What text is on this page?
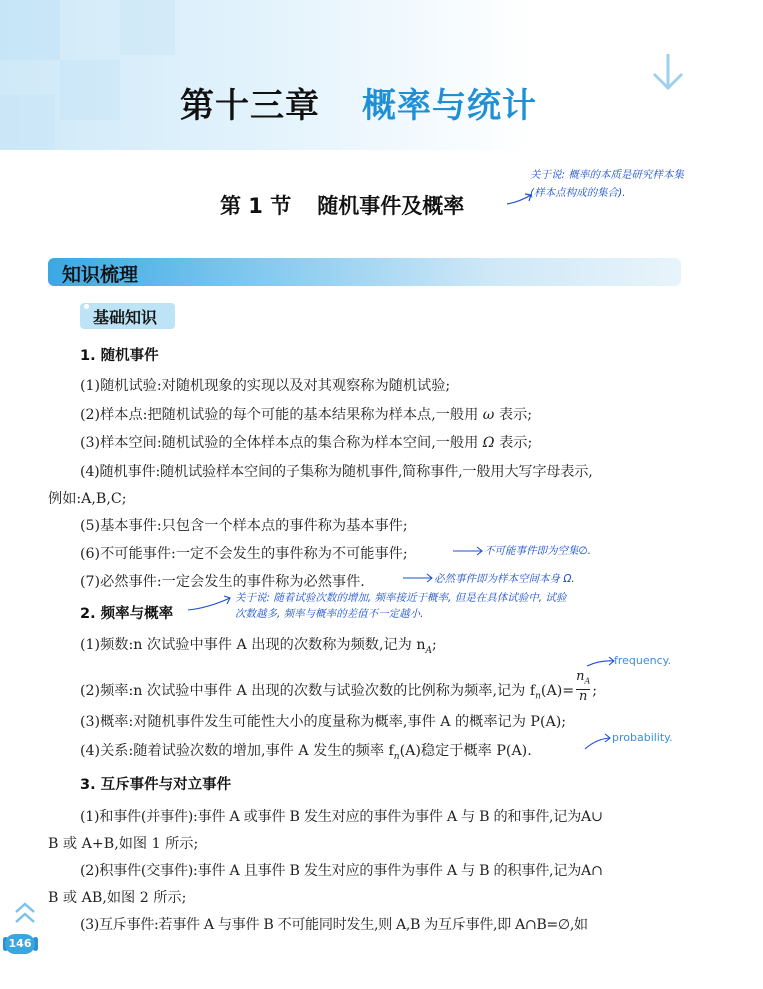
第十三章 概率与统计
第 1 节 随机事件及概率
关于说: 概率的本质是研究样本集(样本点构成的集合).
知识梳理
基础知识
1. 随机事件
(1)随机试验:对随机现象的实现以及对其观察称为随机试验;
(2)样本点:把随机试验的每个可能的基本结果称为样本点,一般用 ω 表示;
(3)样本空间:随机试验的全体样本点的集合称为样本空间,一般用 Ω 表示;
(4)随机事件:随机试验样本空间的子集称为随机事件,简称事件,一般用大写字母表示,
例如:A,B,C;
(5)基本事件:只包含一个样本点的事件称为基本事件;
(6)不可能事件:一定不会发生的事件称为不可能事件;	不可能事件即为空集∅.
(7)必然事件:一定会发生的事件称为必然事件.	必然事件即为样本空间本身 Ω.
2. 频率与概率
关于说: 随着试验次数的增加, 频率接近于概率, 但是在具体试验中, 试验
次数越多, 频率与概率的差值不一定越小.
(1)频数:n 次试验中事件 A 出现的次数称为频数,记为 $n_A$;
(2)频率:n 次试验中事件 A 出现的次数与试验次数的比例称为频率,记为 $f_n(A)= \frac{n_A}{n}$ ;
frequency.
(3)概率:对随机事件发生可能性大小的度量称为概率,事件 A 的概率记为 P(A);
(4)关系:随着试验次数的增加,事件 A 发生的频率 $f_n(A)$稳定于概率 P(A).
probability.
3. 互斥事件与对立事件
(1)和事件(并事件):事件 A 或事件 B 发生对应的事件为事件 A 与 B 的和事件,记为A∪
B 或 A+B,如图 1 所示;
(2)积事件(交事件):事件 A 且事件 B 发生对应的事件为事件 A 与 B 的积事件,记为A∩
B 或 AB,如图 2 所示;
(3)互斥事件:若事件 A 与事件 B 不可能同时发生,则 A,B 为互斥事件,即 A∩B=∅,如
146
